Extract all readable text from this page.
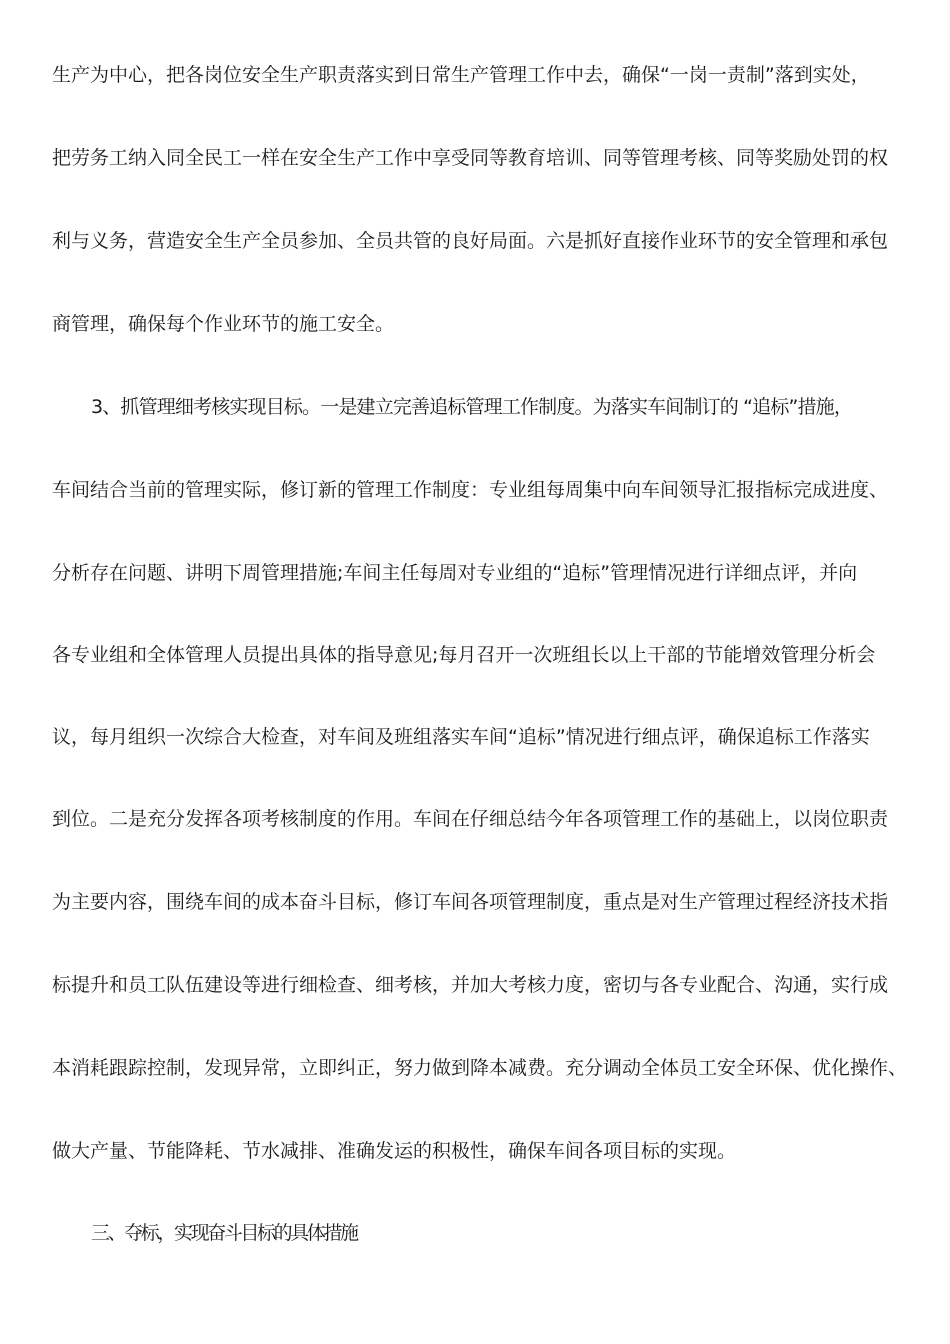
生产为中心，把各岗位安全生产职责落实到日常生产管理工作中去，确保“一岗一责制”落到实处，
把劳务工纳入同全民工一样在安全生产工作中享受同等教育培训、同等管理考核、同等奖励处罚的权
利与义务，营造安全生产全员参加、全员共管的良好局面。六是抓好直接作业环节的安全管理和承包
商管理，确保每个作业环节的施工安全。
3、抓管理细考核实现目标。一是建立完善追标管理工作制度。为落实车间制订的 “追标”措施，
车间结合当前的管理实际，修订新的管理工作制度：专业组每周集中向车间领导汇报指标完成进度、
分析存在问题、讲明下周管理措施;车间主任每周对专业组的“追标”管理情况进行详细点评，并向
各专业组和全体管理人员提出具体的指导意见;每月召开一次班组长以上干部的节能增效管理分析会
议，每月组织一次综合大检查，对车间及班组落实车间“追标”情况进行细点评，确保追标工作落实
到位。二是充分发挥各项考核制度的作用。车间在仔细总结今年各项管理工作的基础上，以岗位职责
为主要内容，围绕车间的成本奋斗目标，修订车间各项管理制度，重点是对生产管理过程经济技术指
标提升和员工队伍建设等进行细检查、细考核，并加大考核力度，密切与各专业配合、沟通，实行成
本消耗跟踪控制，发现异常，立即纠正，努力做到降本减费。充分调动全体员工安全环保、优化操作、
做大产量、节能降耗、节水减排、准确发运的积极性，确保车间各项目标的实现。
三、夺标，实现奋斗目标的具体措施
